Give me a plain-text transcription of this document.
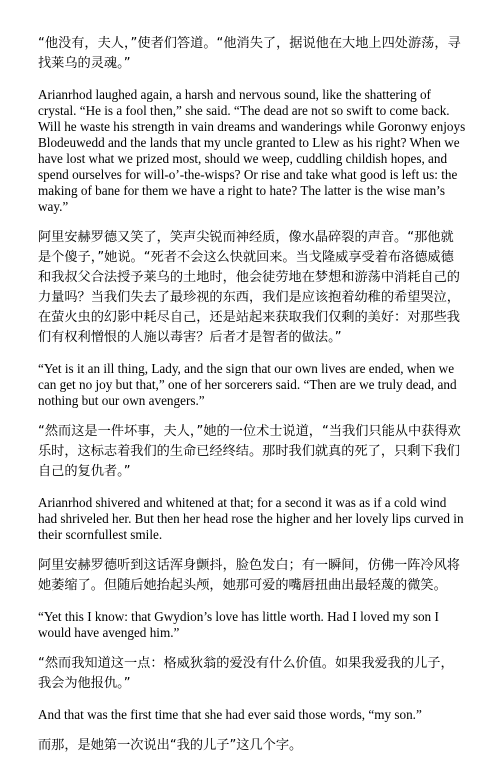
“他没有，夫人，”使者们答道。“他消失了，据说他在大地上四处游荡，寻找莱乌的灵魂。”

Arianrhod laughed again, a harsh and nervous sound, like the shattering of crystal. “He is a fool then,” she said. “The dead are not so swift to come back. Will he waste his strength in vain dreams and wanderings while Goronwy enjoys Blodeuwedd and the lands that my uncle granted to Llew as his right? When we have lost what we prized most, should we weep, cuddling childish hopes, and spend ourselves for will-o’-the-wisps? Or rise and take what good is left us: the making of bane for them we have a right to hate? The latter is the wise man’s way.”

阿里安赫罗德又笑了，笑声尖锐而神经质，像水晶碎裂的声音。“那他就是个傻子，”她说。“死者不会这么快就回来。当戈隆威享受着布洛德威德和我叔父合法授予莱乌的土地时，他会徒劳地在梦想和游荡中消耗自己的力量吗？当我们失去了最珍视的东西，我们是应该抱着幼稚的希望哭泣，在萤火虫的幻影中耗尽自己，还是站起来获取我们仅剩的美好：对那些我们有权利憎恨的人施以毒害？后者才是智者的做法。”

“Yet is it an ill thing, Lady, and the sign that our own lives are ended, when we can get no joy but that,” one of her sorcerers said. “Then are we truly dead, and nothing but our own avengers.”

“然而这是一件坏事，夫人，”她的一位术士说道，“当我们只能从中获得欢乐时，这标志着我们的生命已经终结。那时我们就真的死了，只剩下我们自己的复仇者。”

Arianrhod shivered and whitened at that; for a second it was as if a cold wind had shriveled her. But then her head rose the higher and her lovely lips curved in their scornfullest smile.

阿里安赫罗德听到这话浑身颤抖，脸色发白；有一瞬间，仿佛一阵冷风将她萎缩了。但随后她抬起头颅，她那可爱的嘴唇扭曲出最轻蔑的微笑。

“Yet this I know: that Gwydion’s love has little worth. Had I loved my son I would have avenged him.”

“然而我知道这一点：格威狄翁的爱没有什么价值。如果我爱我的儿子，我会为他报仇。”

And that was the first time that she had ever said those words, “my son.”

而那，是她第一次说出“我的儿子”这几个字。
